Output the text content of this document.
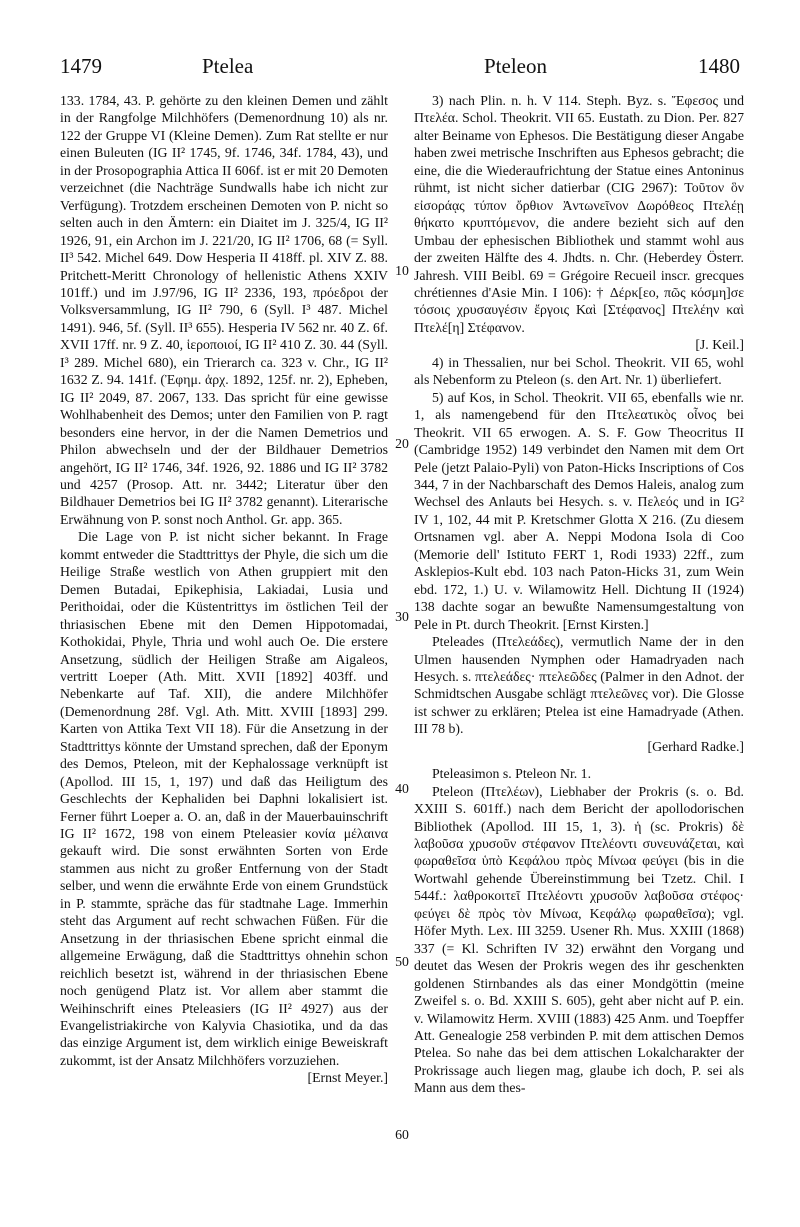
1479	Ptelea	Pteleon	1480

133. 1784, 43. P. gehörte zu den kleinen Demen und zählt in der Rangfolge Milchhöfers (Demenordnung 10) als nr. 122 der Gruppe VI (Kleine Demen). Zum Rat stellte er nur einen Buleuten (IG II² 1745, 9f. 1746, 34f. 1784, 43), und in der Prosopographia Attica II 606f. ist er mit 20 Demoten verzeichnet (die Nachträge Sundwalls habe ich nicht zur Verfügung). Trotzdem erscheinen Demoten von P. nicht so selten auch in den Ämtern: ein Diaitet im J. 325/4, IG II² 1926, 91, ein Archon im J. 221/20, IG II² 1706, 68 (= Syll. II³ 542. Michel 649. Dow Hesperia II 418ff. pl. XIV Z. 88. Pritchett-Meritt Chronology of hellenistic Athens XXIV 101ff.) und im J.97/96, IG II² 2336, 193, πρόεδροι der Volksversammlung, IG II² 790, 6 (Syll. I³ 487. Michel 1491). 946, 5f. (Syll. II³ 655). Hesperia IV 562 nr. 40 Z. 6f. XVII 17ff. nr. 9 Z. 40, ἱεροποιοί, IG II² 410 Z. 30. 44 (Syll. I³ 289. Michel 680), ein Trierarch ca. 323 v. Chr., IG II² 1632 Z. 94. 141f. (Ἐφημ. ἀρχ. 1892, 125f. nr. 2), Epheben, IG II² 2049, 87. 2067, 133. Das spricht für eine gewisse Wohlhabenheit des Demos; unter den Familien von P. ragt besonders eine hervor, in der die Namen Demetrios und Philon abwechseln und der der Bildhauer Demetrios angehört, IG II² 1746, 34f. 1926, 92. 1886 und IG II² 3782 und 4257 (Prosop. Att. nr. 3442; Literatur über den Bildhauer Demetrios bei IG II² 3782 genannt). Literarische Erwähnung von P. sonst noch Anthol. Gr. app. 365.

Die Lage von P. ist nicht sicher bekannt. In Frage kommt entweder die Stadttrittys der Phyle, die sich um die Heilige Straße westlich von Athen gruppiert mit den Demen Butadai, Epikephisia, Lakiadai, Lusia und Perithoidai, oder die Küstentrittys im östlichen Teil der thriasischen Ebene mit den Demen Hippotomadai, Kothokidai, Phyle, Thria und wohl auch Oe. Die erstere Ansetzung, südlich der Heiligen Straße am Aigaleos, vertritt Loeper (Ath. Mitt. XVII [1892] 403ff. und Nebenkarte auf Taf. XII), die andere Milchhöfer (Demenordnung 28f. Vgl. Ath. Mitt. XVIII [1893] 299. Karten von Attika Text VII 18). Für die Ansetzung in der Stadttrittys könnte der Umstand sprechen, daß der Eponym des Demos, Pteleon, mit der Kephalossage verknüpft ist (Apollod. III 15, 1, 197) und daß das Heiligtum des Geschlechts der Kephaliden bei Daphni lokalisiert ist. Ferner führt Loeper a. O. an, daß in der Mauerbauinschrift IG II² 1672, 198 von einem Pteleasier κονία μέλαινα gekauft wird. Die sonst erwähnten Sorten von Erde stammen aus nicht zu großer Entfernung von der Stadt selber, und wenn die erwähnte Erde von einem Grundstück in P. stammte, spräche das für stadtnahe Lage. Immerhin steht das Argument auf recht schwachen Füßen. Für die Ansetzung in der thriasischen Ebene spricht einmal die allgemeine Erwägung, daß die Stadttrittys ohnehin schon reichlich besetzt ist, während in der thriasischen Ebene noch genügend Platz ist. Vor allem aber stammt die Weihinschrift eines Pteleasiers (IG II² 4927) aus der Evangelistriakirche von Kalyvia Chasiotika, und da das das einzige Argument ist, dem wirklich einige Beweiskraft zukommt, ist der Ansatz Milchhöfers vorzuziehen.

[Ernst Meyer.]

3) nach Plin. n. h. V 114. Steph. Byz. s. Ἔφεσος und Πτελέα. Schol. Theokrit. VII 65. Eustath. zu Dion. Per. 827 alter Beiname von Ephesos. Die Bestätigung dieser Angabe haben zwei metrische Inschriften aus Ephesos gebracht; die eine, die die Wiederaufrichtung der Statue eines Antoninus rühmt, ist nicht sicher datierbar (CIG 2967): Τοῦτον ὃν εἰσοράᾳς τύπον ὄρθιον Ἀντωνεῖνον Δωρόθεος Πτελέῃ θήκατο κρυπτόμενον, die andere bezieht sich auf den Umbau der ephesischen Bibliothek und stammt wohl aus der zweiten Hälfte des 4. Jhdts. n. Chr. (Heberdey Österr. Jahresh. VIII Beibl. 69 = Grégoire Recueil inscr. grecques chrétiennes d'Asie Min. I 106): † Δέρκ[εο, πῶς κόσμη]σε τόσοις χρυσαυγέσιν ἔργοις Καὶ [Στέφανος] Πτελέην καὶ Πτελέ[η] Στέφανον.

[J. Keil.]

4) in Thessalien, nur bei Schol. Theokrit. VII 65, wohl als Nebenform zu Pteleon (s. den Art. Nr. 1) überliefert.

5) auf Kos, in Schol. Theokrit. VII 65, ebenfalls wie nr. 1, als namengebend für den Πτελεατικὸς οἶνος bei Theokrit. VII 65 erwogen. A. S. F. Gow Theocritus II (Cambridge 1952) 149 verbindet den Namen mit dem Ort Pele (jetzt Palaio-Pyli) von Paton-Hicks Inscriptions of Cos 344, 7 in der Nachbarschaft des Demos Haleis, analog zum Wechsel des Anlauts bei Hesych. s. v. Πελεός und in IG² IV 1, 102, 44 mit P. Kretschmer Glotta X 216. (Zu diesem Ortsnamen vgl. aber A. Neppi Modona Isola di Coo (Memorie dell' Istituto FERT 1, Rodi 1933) 22ff., zum Asklepios-Kult ebd. 103 nach Paton-Hicks 31, zum Wein ebd. 172, 1.) U. v. Wilamowitz Hell. Dichtung II (1924) 138 dachte sogar an bewußte Namensumgestaltung von Pele in Pt. durch Theokrit. [Ernst Kirsten.]

Pteleades (Πτελεάδες), vermutlich Name der in den Ulmen hausenden Nymphen oder Hamadryaden nach Hesych. s. πτελεάδες· πτελεῶδες (Palmer in den Adnot. der Schmidtschen Ausgabe schlägt πτελεῶνες vor). Die Glosse ist schwer zu erklären; Ptelea ist eine Hamadryade (Athen. III 78 b).

[Gerhard Radke.]

Pteleasimon s. Pteleon Nr. 1.

Pteleon (Πτελέων), Liebhaber der Prokris (s. o. Bd. XXIII S. 601ff.) nach dem Bericht der apollodorischen Bibliothek (Apollod. III 15, 1, 3). ἡ (sc. Prokris) δὲ λαβοῦσα χρυσοῦν στέφανον Πτελέοντι συνευνάζεται, καὶ φωραθεῖσα ὑπὸ Κεφάλου πρὸς Μίνωα φεύγει (bis in die Wortwahl gehende Übereinstimmung bei Tzetz. Chil. I 544f.: λαθροκοιτεῖ Πτελέοντι χρυσοῦν λαβοῦσα στέφος· φεύγει δὲ πρὸς τὸν Μίνωα, Κεφάλῳ φωραθεῖσα); vgl. Höfer Myth. Lex. III 3259. Usener Rh. Mus. XXIII (1868) 337 (= Kl. Schriften IV 32) erwähnt den Vorgang und deutet das Wesen der Prokris wegen des ihr geschenkten goldenen Stirnbandes als das einer Mondgöttin (meine Zweifel s. o. Bd. XXIII S. 605), geht aber nicht auf P. ein. v. Wilamowitz Herm. XVIII (1883) 425 Anm. und Toepffer Att. Genealogie 258 verbinden P. mit dem attischen Demos Ptelea. So nahe das bei dem attischen Lokalcharakter der Prokrissage auch liegen mag, glaube ich doch, P. sei als Mann aus dem thes-

10
20
30
40
50
60
